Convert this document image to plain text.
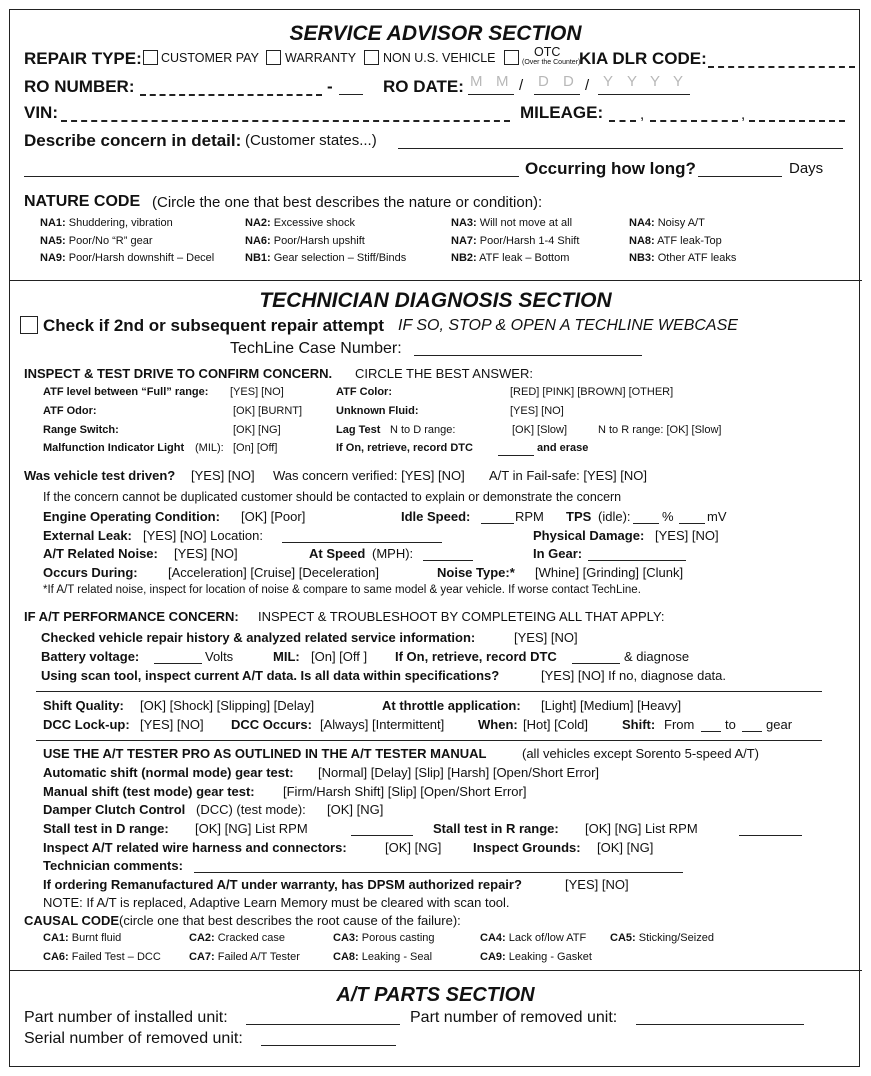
SERVICE ADVISOR SECTION
REPAIR TYPE: CUSTOMER PAY WARRANTY NON U.S. VEHICLE	OTC
(Over the Counter)
KIA DLR CODE:
RO NUMBER:	-	RO DATE: M M / D D / Y Y Y Y
VIN:	MILEAGE: ,	,
Describe concern in detail: (Customer states...)
Occurring how long?	Days
NATURE CODE (Circle the one that best describes the nature or condition):
NA1: Shuddering, vibration	NA2: Excessive shock	NA3: Will not move at all	NA4: Noisy A/T
NA5: Poor/No “R” gear	NA6: Poor/Harsh upshift	NA7: Poor/Harsh 1-4 Shift	NA8: ATF leak-Top
NA9: Poor/Harsh downshift – Decel	NB1: Gear selection – Stiff/Binds	NB2: ATF leak – Bottom	NB3: Other ATF leaks
TECHNICIAN DIAGNOSIS SECTION
Check if 2nd or subsequent repair attempt IF SO, STOP & OPEN A TECHLINE WEBCASE
TechLine Case Number:
INSPECT & TEST DRIVE TO CONFIRM CONCERN. CIRCLE THE BEST ANSWER:
ATF level between “Full” range: [YES] [NO]	ATF Color:	[RED] [PINK] [BROWN] [OTHER]
ATF Odor:	[OK] [BURNT]	Unknown Fluid:	[YES] [NO]
Range Switch:	[OK] [NG]	Lag Test N to D range:	[OK] [Slow]	N to R range: [OK] [Slow]
Malfunction Indicator Light (MIL): [On] [Off]	If On, retrieve, record DTC	and erase
Was vehicle test driven? [YES] [NO] Was concern verified: [YES] [NO] A/T in Fail-safe: [YES] [NO]
If the concern cannot be duplicated customer should be contacted to explain or demonstrate the concern
Engine Operating Condition: [OK] [Poor]	Idle Speed:	RPM TPS (idle): %	mV
External Leak: [YES] [NO] Location:	Physical Damage: [YES] [NO]
A/T Related Noise: [YES] [NO]	At Speed (MPH):	In Gear:
Occurs During: [Acceleration] [Cruise] [Deceleration]	Noise Type:* [Whine] [Grinding] [Clunk]
*If A/T related noise, inspect for location of noise & compare to same model & year vehicle. If worse contact TechLine.
IF A/T PERFORMANCE CONCERN: INSPECT & TROUBLESHOOT BY COMPLETEING ALL THAT APPLY:
Checked vehicle repair history & analyzed related service information:	[YES] [NO]
Battery voltage:	Volts	MIL: [On] [Off ] If On, retrieve, record DTC	& diagnose
Using scan tool, inspect current A/T data. Is all data within specifications?	[YES] [NO] If no, diagnose data.
Shift Quality: [OK] [Shock] [Slipping] [Delay]	At throttle application: [Light] [Medium] [Heavy]
DCC Lock-up: [YES] [NO] DCC Occurs: [Always] [Intermittent]	When: [Hot] [Cold]	Shift: From to gear
USE THE A/T TESTER PRO AS OUTLINED IN THE A/T TESTER MANUAL	(all vehicles except Sorento 5-speed A/T)
Automatic shift (normal mode) gear test: [Normal] [Delay] [Slip] [Harsh] [Open/Short Error]
Manual shift (test mode) gear test: [Firm/Harsh Shift] [Slip] [Open/Short Error]
Damper Clutch Control (DCC) (test mode): [OK] [NG]
Stall test in D range: [OK] [NG] List RPM	Stall test in R range: [OK] [NG] List RPM
Inspect A/T related wire harness and connectors:	[OK] [NG] Inspect Grounds: [OK] [NG]
Technician comments:
If ordering Remanufactured A/T under warranty, has DPSM authorized repair?	[YES] [NO]
NOTE: If A/T is replaced, Adaptive Learn Memory must be cleared with scan tool.
CAUSAL CODE (circle one that best describes the root cause of the failure):
CA1: Burnt fluid	CA2: Cracked case	CA3: Porous casting	CA4: Lack of/low ATF CA5: Sticking/Seized
CA6: Failed Test – DCC	CA7: Failed A/T Tester	CA8: Leaking - Seal	CA9: Leaking - Gasket
A/T PARTS SECTION
Part number of installed unit:	Part number of removed unit:
Serial number of removed unit:
